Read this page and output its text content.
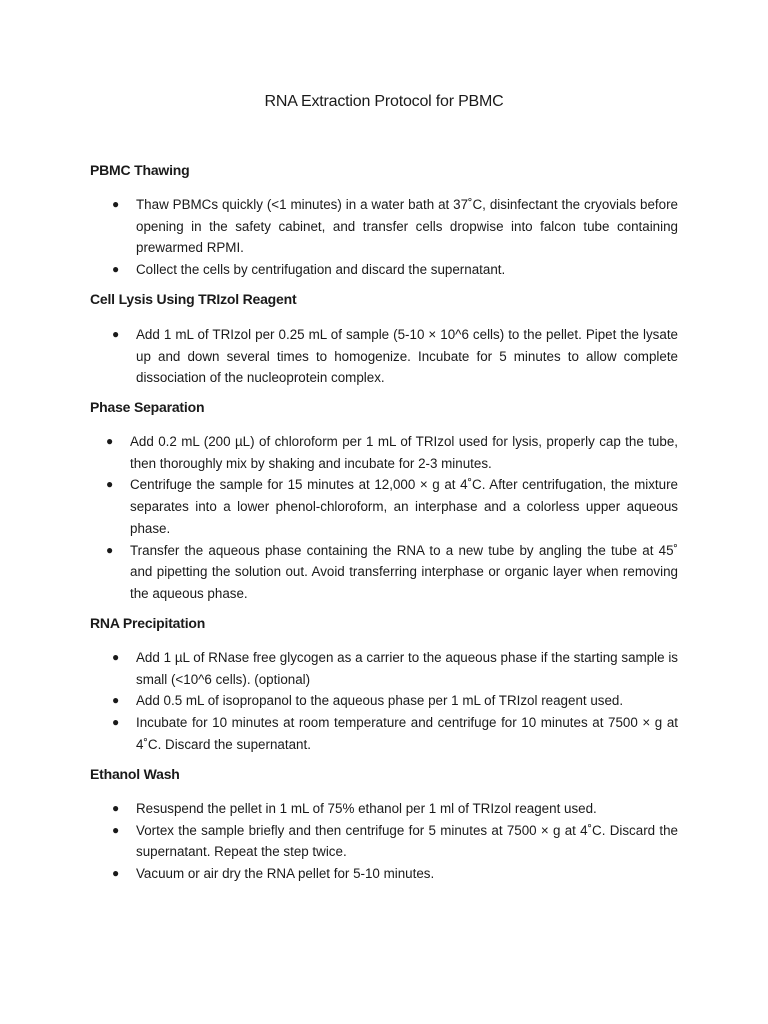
RNA Extraction Protocol for PBMC
PBMC Thawing
● Thaw PBMCs quickly (<1 minutes) in a water bath at 37˚C, disinfectant the cryovials before opening in the safety cabinet, and transfer cells dropwise into falcon tube containing prewarmed RPMI.
● Collect the cells by centrifugation and discard the supernatant.
Cell Lysis Using TRIzol Reagent
● Add 1 mL of TRIzol per 0.25 mL of sample (5-10 × 10^6 cells) to the pellet. Pipet the lysate up and down several times to homogenize. Incubate for 5 minutes to allow complete dissociation of the nucleoprotein complex.
Phase Separation
● Add 0.2 mL (200 µL) of chloroform per 1 mL of TRIzol used for lysis, properly cap the tube, then thoroughly mix by shaking and incubate for 2-3 minutes.
● Centrifuge the sample for 15 minutes at 12,000 × g at 4˚C. After centrifugation, the mixture separates into a lower phenol-chloroform, an interphase and a colorless upper aqueous phase.
● Transfer the aqueous phase containing the RNA to a new tube by angling the tube at 45˚ and pipetting the solution out. Avoid transferring interphase or organic layer when removing the aqueous phase.
RNA Precipitation
● Add 1 µL of RNase free glycogen as a carrier to the aqueous phase if the starting sample is small (<10^6 cells). (optional)
● Add 0.5 mL of isopropanol to the aqueous phase per 1 mL of TRIzol reagent used.
● Incubate for 10 minutes at room temperature and centrifuge for 10 minutes at 7500 × g at 4˚C. Discard the supernatant.
Ethanol Wash
● Resuspend the pellet in 1 mL of 75% ethanol per 1 ml of TRIzol reagent used.
● Vortex the sample briefly and then centrifuge for 5 minutes at 7500 × g at 4˚C. Discard the supernatant. Repeat the step twice.
● Vacuum or air dry the RNA pellet for 5-10 minutes.
